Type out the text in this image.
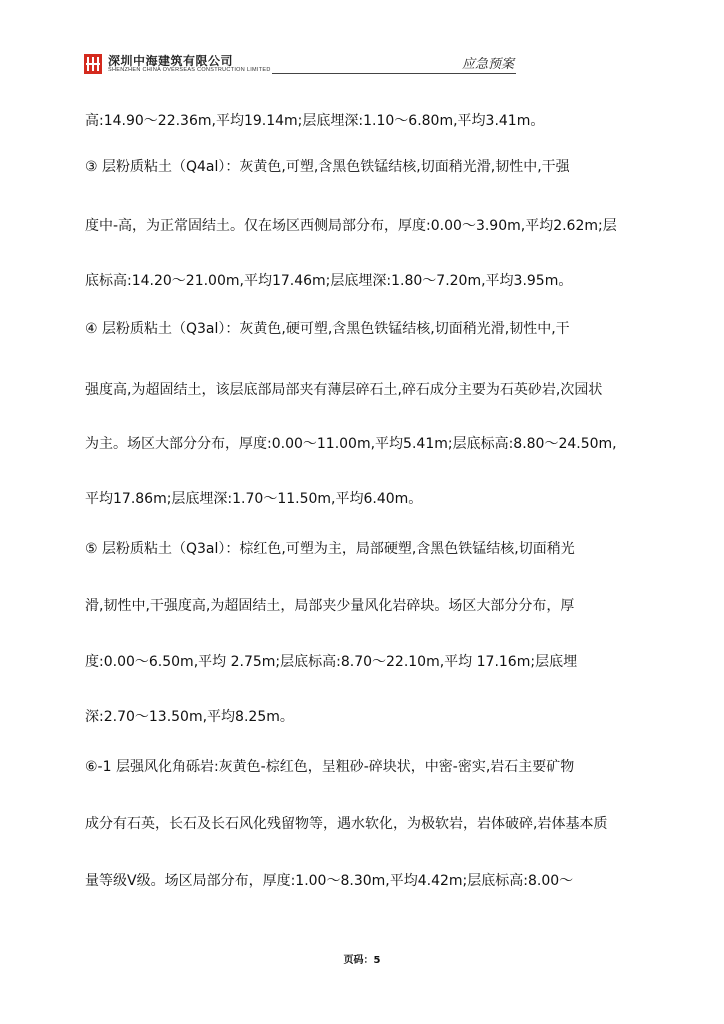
深圳中海建筑有限公司
SHENZHEN CHINA OVERSEAS CONSTRUCTION LIMITED	应急预案
高:14.90～22.36m,平均19.14m;层底埋深:1.10～6.80m,平均3.41m。
③ 层粉质粘土（Q4al）：灰黄色,可塑,含黑色铁锰结核,切面稍光滑,韧性中,干强
度中-高，为正常固结土。仅在场区西侧局部分布，厚度:0.00～3.90m,平均2.62m;层
底标高:14.20～21.00m,平均17.46m;层底埋深:1.80～7.20m,平均3.95m。
④ 层粉质粘土（Q3al）：灰黄色,硬可塑,含黑色铁锰结核,切面稍光滑,韧性中,干
强度高,为超固结土，该层底部局部夹有薄层碎石土,碎石成分主要为石英砂岩,次园状
为主。场区大部分分布，厚度:0.00～11.00m,平均5.41m;层底标高:8.80～24.50m,
平均17.86m;层底埋深:1.70～11.50m,平均6.40m。
⑤ 层粉质粘土（Q3al）：棕红色,可塑为主，局部硬塑,含黑色铁锰结核,切面稍光
滑,韧性中,干强度高,为超固结土，局部夹少量风化岩碎块。场区大部分分布，厚
度:0.00～6.50m,平均 2.75m;层底标高:8.70～22.10m,平均 17.16m;层底埋
深:2.70～13.50m,平均8.25m。
⑥-1 层强风化角砾岩:灰黄色-棕红色，呈粗砂-碎块状，中密-密实,岩石主要矿物
成分有石英，长石及长石风化残留物等，遇水软化，为极软岩，岩体破碎,岩体基本质
量等级Ⅴ级。场区局部分布，厚度:1.00～8.30m,平均4.42m;层底标高:8.00～
页码：5
